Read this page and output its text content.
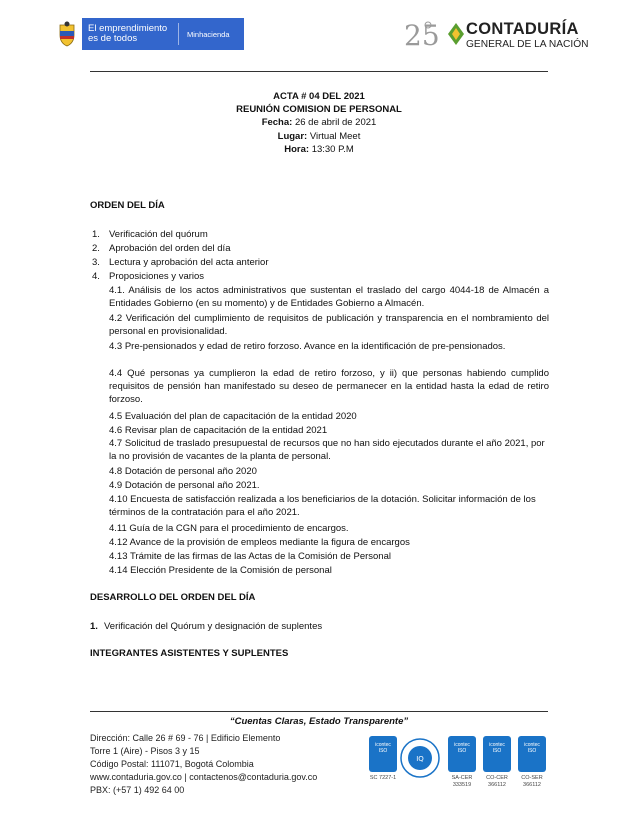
El emprendimiento
es de todos	Minhacienda	25 CONTADURÍA
GENERAL DE LA NACIÓN
ACTA # 04 DEL 2021
REUNIÓN COMISION DE PERSONAL
Fecha: 26 de abril de 2021
Lugar: Virtual Meet
Hora: 13:30 P.M
ORDEN DEL DÍA
1. Verificación del quórum
2. Aprobación del orden del día
3. Lectura y aprobación del acta anterior
4. Proposiciones y varios
4.1. Análisis de los actos administrativos que sustentan el traslado del cargo 4044-18 de Almacén a Entidades Gobierno (en su momento) y de Entidades Gobierno a Almacén.
4.2 Verificación del cumplimiento de requisitos de publicación y transparencia en el nombramiento del personal en provisionalidad.
4.3 Pre-pensionados y edad de retiro forzoso. Avance en la identificación de pre-pensionados.
4.4 Qué personas ya cumplieron la edad de retiro forzoso, y ii) que personas habiendo cumplido requisitos de pensión han manifestado su deseo de permanecer en la entidad hasta la edad de retiro forzoso.
4.5 Evaluación del plan de capacitación de la entidad 2020
4.6 Revisar plan de capacitación de la entidad 2021
4.7 Solicitud de traslado presupuestal de recursos que no han sido ejecutados durante el año 2021, por la no provisión de vacantes de la planta de personal.
4.8 Dotación de personal año 2020
4.9 Dotación de personal año 2021.
4.10 Encuesta de satisfacción realizada a los beneficiarios de la dotación. Solicitar información de los términos de la contratación para el año 2021.
4.11 Guía de la CGN para el procedimiento de encargos.
4.12 Avance de la provisión de empleos mediante la figura de encargos
4.13 Trámite de las firmas de las Actas de la Comisión de Personal
4.14 Elección Presidente de la Comisión de personal
DESARROLLO DEL ORDEN DEL DÍA
1. Verificación del Quórum y designación de suplentes
INTEGRANTES ASISTENTES Y SUPLENTES
“Cuentas Claras, Estado Transparente”
Dirección: Calle 26 # 69 - 76 | Edificio Elemento
Torre 1 (Aire) - Pisos 3 y 15
Código Postal: 111071, Bogotá Colombia
www.contaduria.gov.co | contactenos@contaduria.gov.co
PBX: (+57 1) 492 64 00

icontec
ISO
SC 7227-1
IQ

icontec
ISO
SA-CER 333519

icontec
ISO
CO-CER 366112

icontec
ISO
CO-SER 366112
